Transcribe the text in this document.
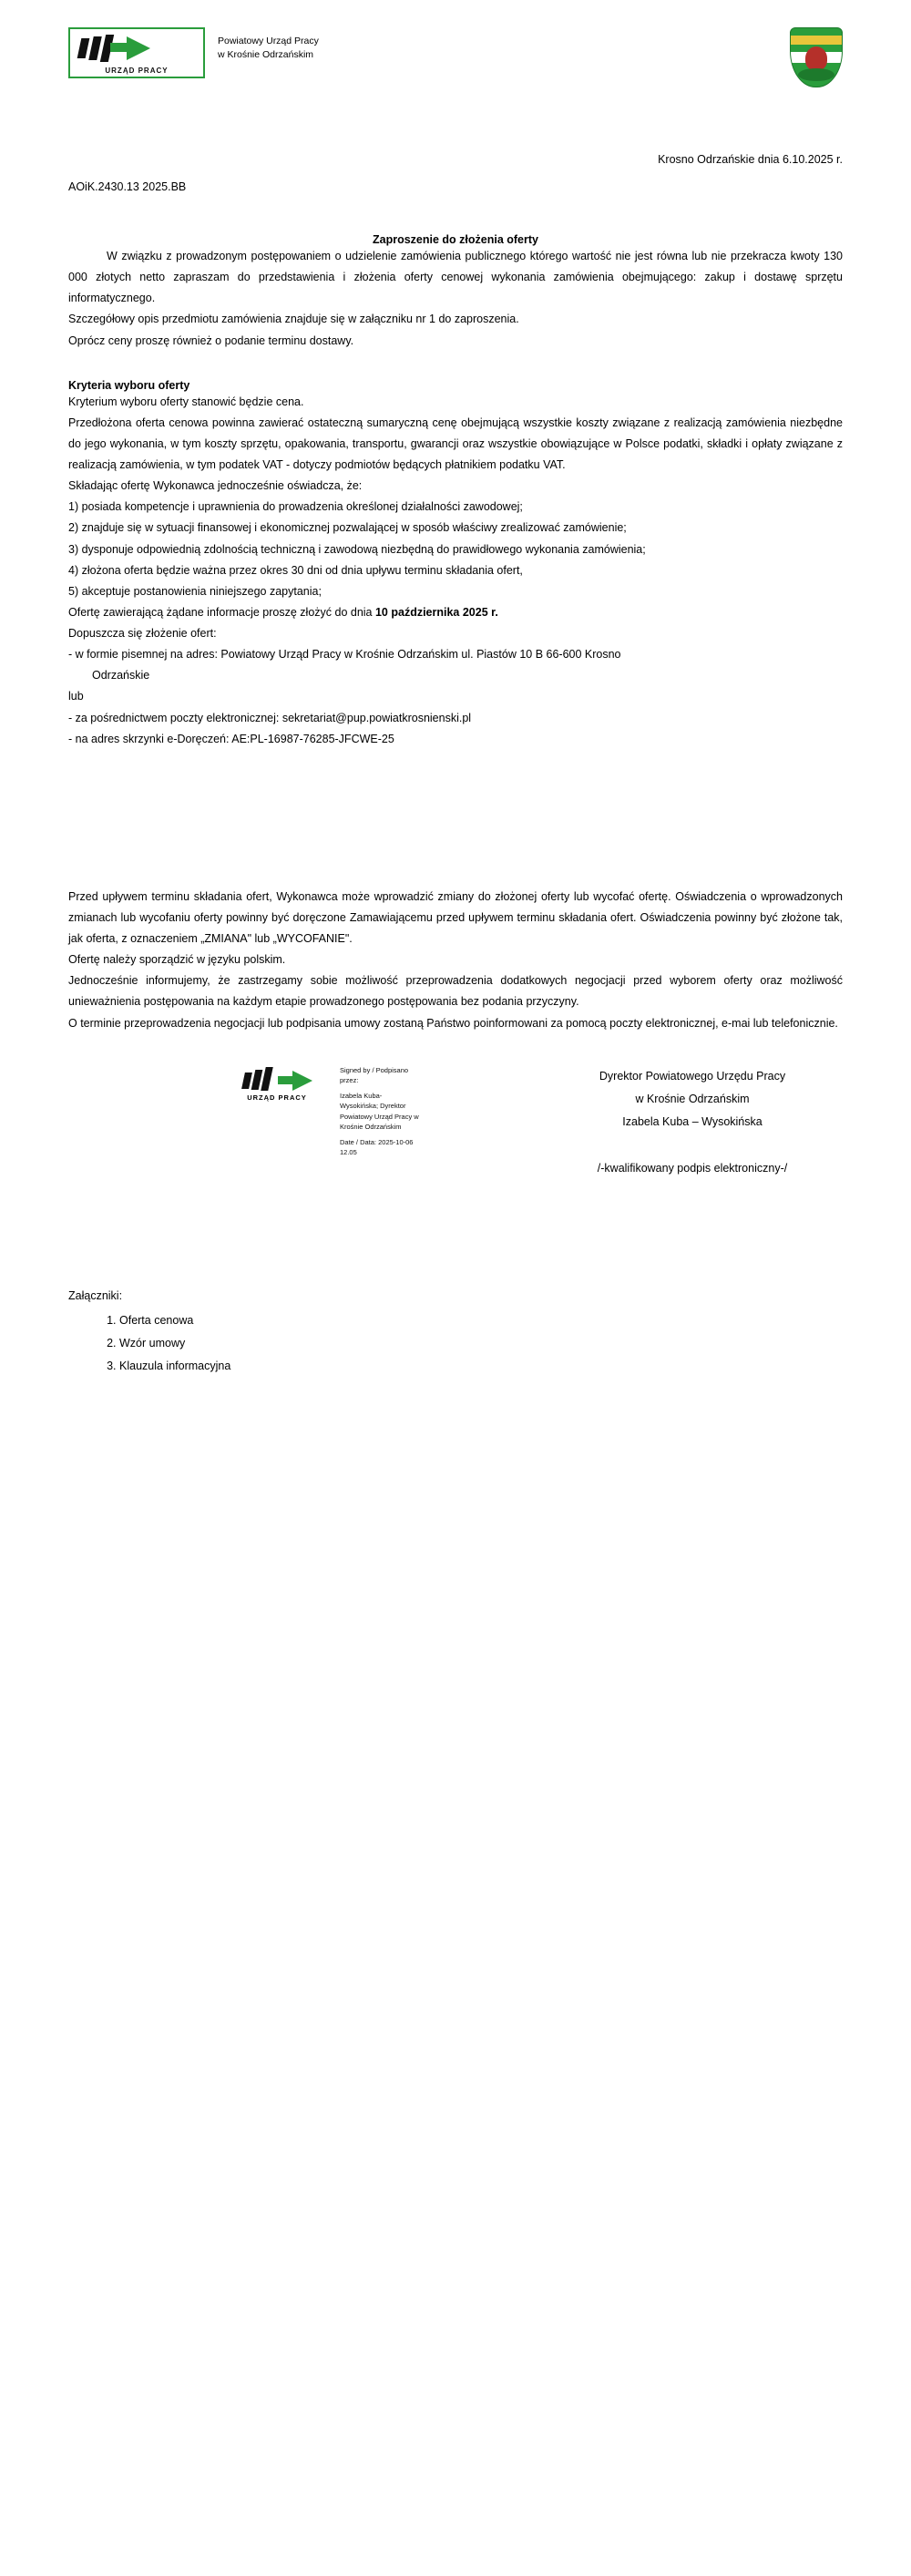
URZĄD PRACY
Powiatowy Urząd Pracy
w Krośnie Odrzańskim
Krosno Odrzańskie dnia 6.10.2025 r.
AOiK.2430.13 2025.BB
Zaproszenie do złożenia oferty

W związku z prowadzonym postępowaniem o udzielenie zamówienia publicznego którego wartość nie jest równa lub nie przekracza kwoty 130 000 złotych netto zapraszam do przedstawienia i złożenia oferty cenowej wykonania zamówienia obejmującego: zakup i dostawę sprzętu informatycznego.

Szczegółowy opis przedmiotu zamówienia znajduje się w załączniku nr 1 do zaproszenia.

Oprócz ceny proszę również o podanie terminu dostawy.

Kryteria wyboru oferty

Kryterium wyboru oferty stanowić będzie cena.

Przedłożona oferta cenowa powinna zawierać ostateczną sumaryczną cenę obejmującą wszystkie koszty związane z realizacją zamówienia niezbędne do jego wykonania, w tym koszty sprzętu, opakowania, transportu, gwarancji oraz wszystkie obowiązujące w Polsce podatki, składki i opłaty związane z realizacją zamówienia, w tym podatek VAT - dotyczy podmiotów będących płatnikiem podatku VAT.

Składając ofertę Wykonawca jednocześnie oświadcza, że:

1) posiada kompetencje i uprawnienia do prowadzenia określonej działalności zawodowej;
2) znajduje się w sytuacji finansowej i ekonomicznej pozwalającej w sposób właściwy zrealizować zamówienie;
3) dysponuje odpowiednią zdolnością techniczną i zawodową niezbędną do prawidłowego wykonania zamówienia;
4) złożona oferta będzie ważna przez okres 30 dni od dnia upływu terminu składania ofert,
5) akceptuje postanowienia niniejszego zapytania;

Ofertę zawierającą żądane informacje proszę złożyć do dnia 10 października 2025 r.

Dopuszcza się złożenie ofert:

- w formie pisemnej na adres: Powiatowy Urząd Pracy w Krośnie Odrzańskim ul. Piastów 10 B 66-600 Krosno
Odrzańskie
lub
- za pośrednictwem poczty elektronicznej: sekretariat@pup.powiatkrosnienski.pl
- na adres skrzynki e-Doręczeń: AE:PL-16987-76285-JFCWE-25

Przed upływem terminu składania ofert, Wykonawca może wprowadzić zmiany do złożonej oferty lub wycofać ofertę. Oświadczenia o wprowadzonych zmianach lub wycofaniu oferty powinny być doręczone Zamawiającemu przed upływem terminu składania ofert. Oświadczenia powinny być złożone tak, jak oferta, z oznaczeniem „ZMIANA" lub „WYCOFANIE".

Ofertę należy sporządzić w języku polskim.

Jednocześnie informujemy, że zastrzegamy sobie możliwość przeprowadzenia dodatkowych negocjacji przed wyborem oferty oraz możliwość unieważnienia postępowania na każdym etapie prowadzonego postępowania bez podania przyczyny.

O terminie przeprowadzenia negocjacji lub podpisania umowy zostaną Państwo poinformowani za pomocą poczty elektronicznej, e-mai lub telefonicznie.

URZĄD PRACY
Signed by / Podpisano
przez:
Izabela Kuba-
Wysokińska; Dyrektor
Powiatowy Urząd Pracy w
Krośnie Odrzańskim
Date / Data: 2025-10-06
12.05
Dyrektor Powiatowego Urzędu Pracy
w Krośnie Odrzańskim
Izabela Kuba – Wysokińska
/-kwalifikowany podpis elektroniczny-/
Załączniki:
1. Oferta cenowa
2. Wzór umowy
3. Klauzula informacyjna
